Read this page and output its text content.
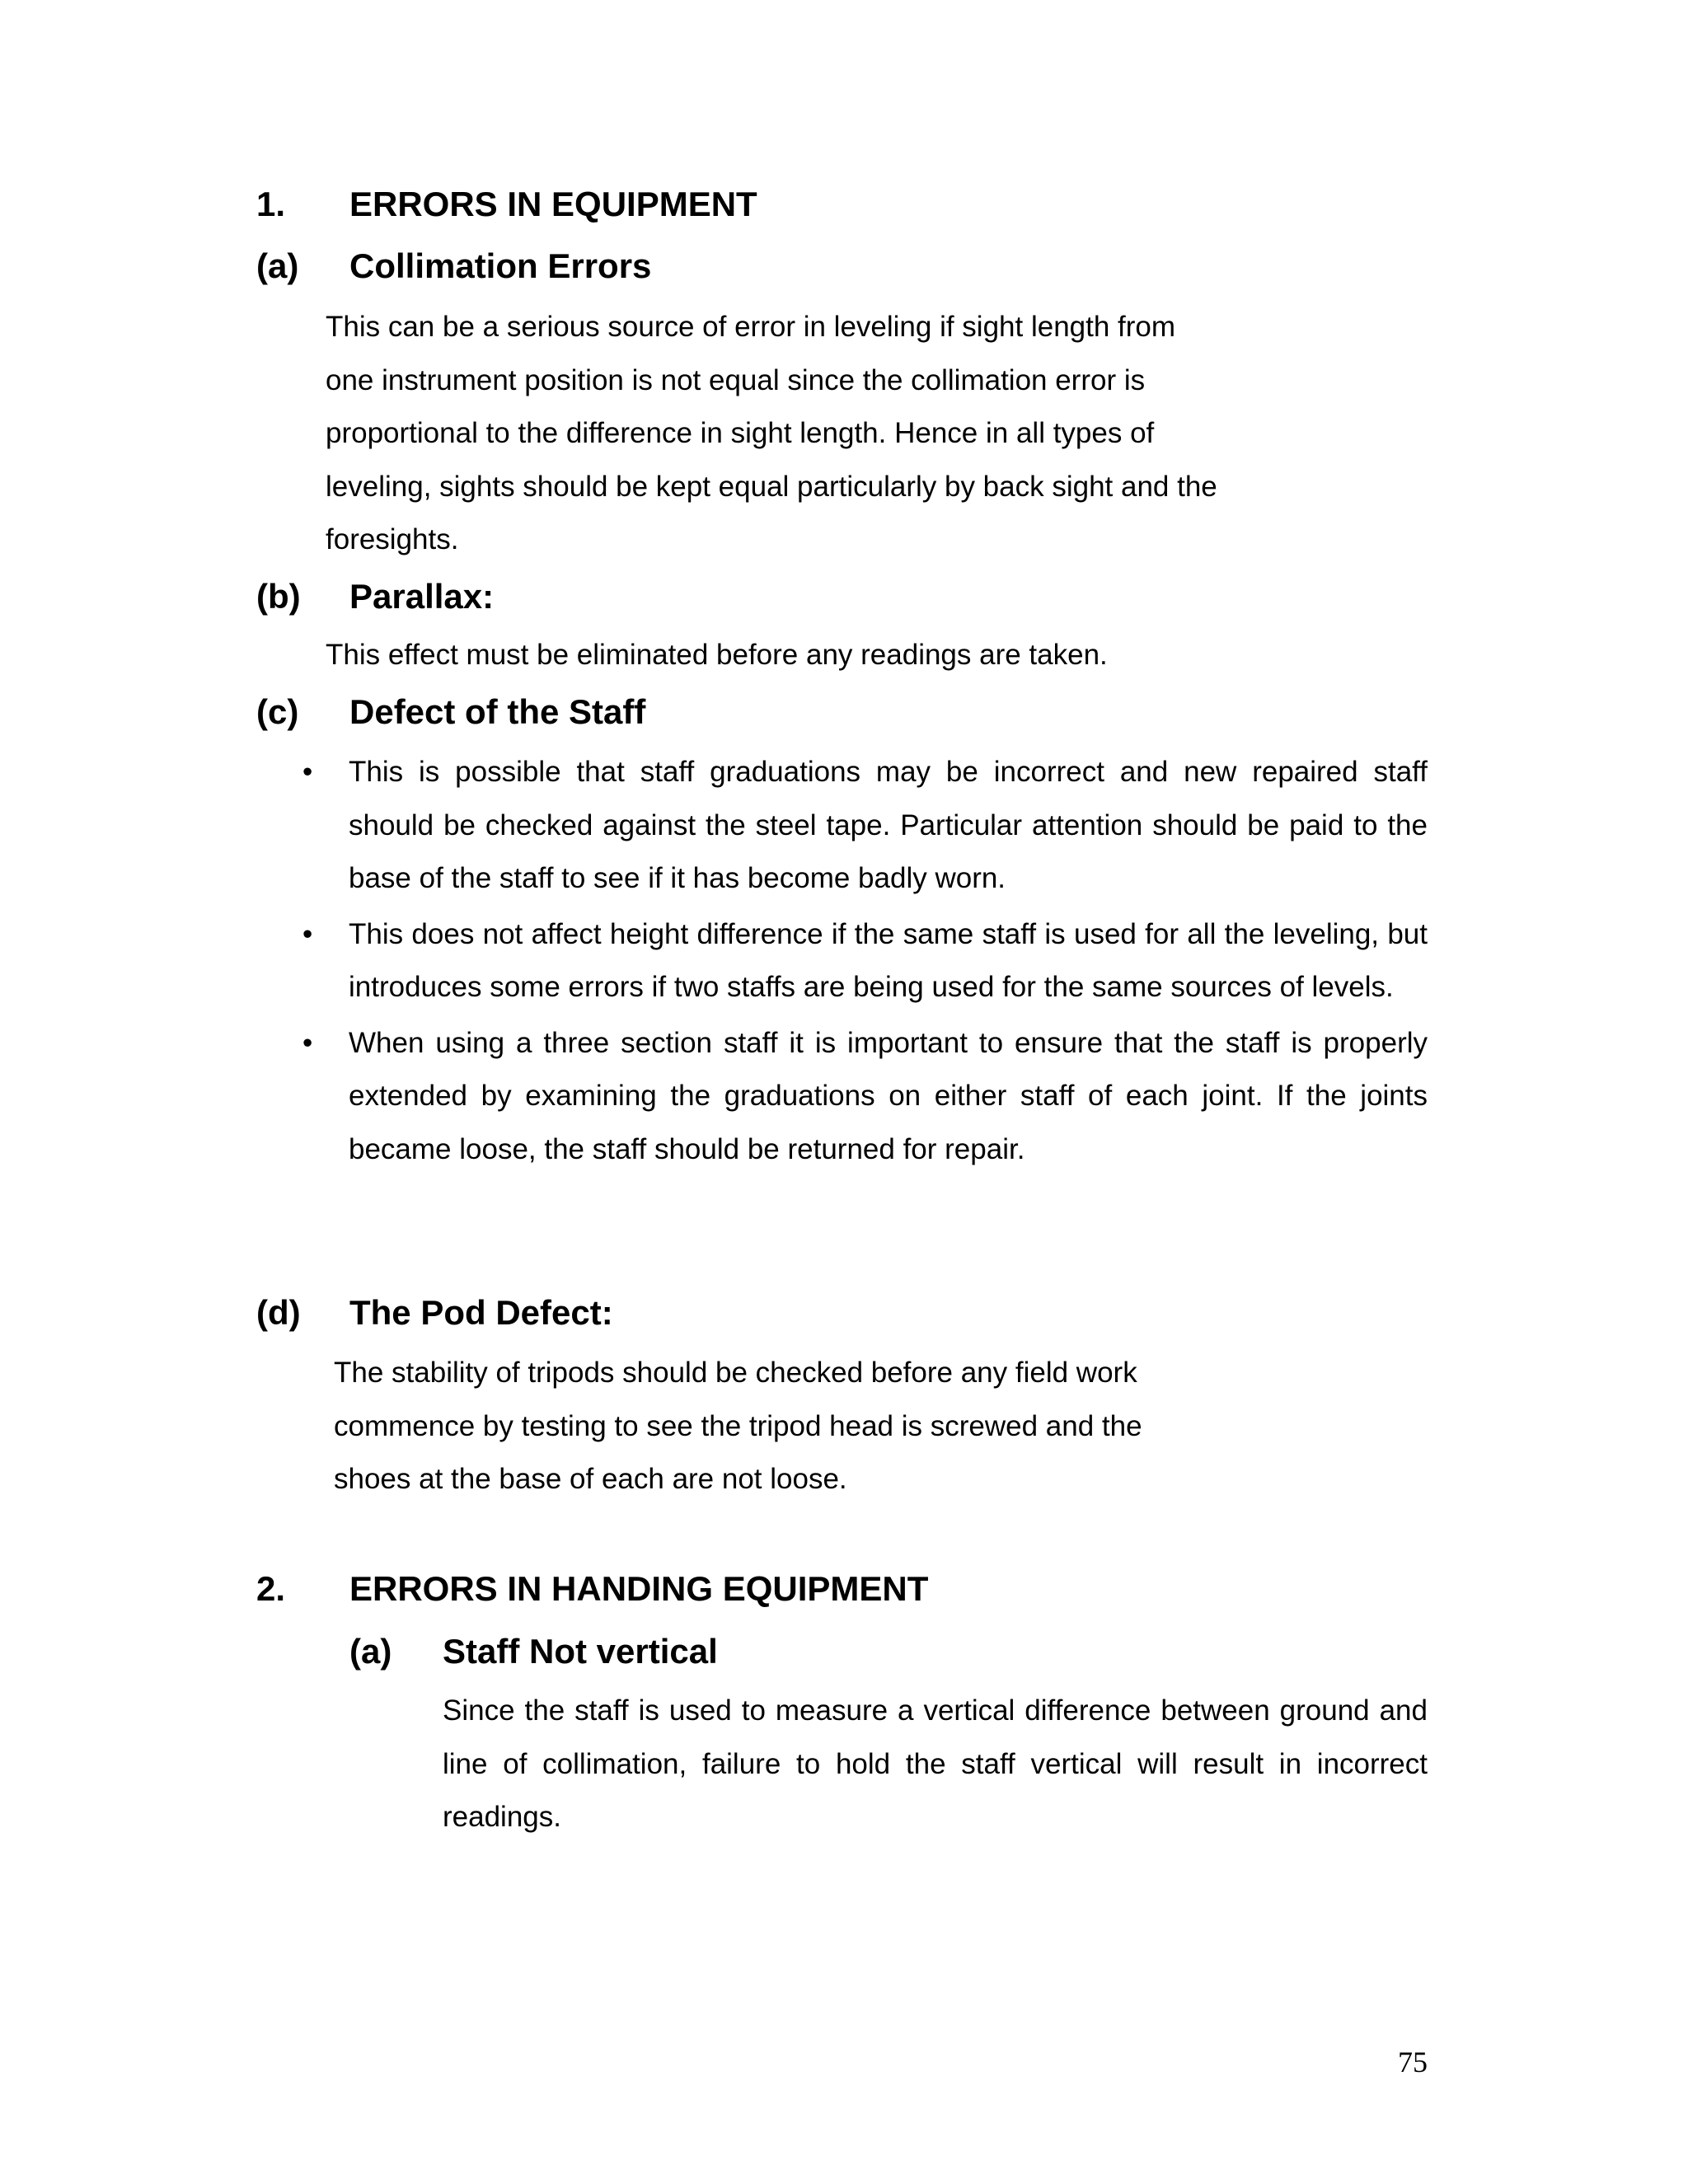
1. ERRORS IN EQUIPMENT
(a) Collimation Errors

This can be a serious source of error in leveling if sight length from
one instrument position is not equal since the collimation error is
proportional to the difference in sight length. Hence in all types of
leveling, sights should be kept equal particularly by back sight and the
foresights.

(b) Parallax:

This effect must be eliminated before any readings are taken.

(c) Defect of the Staff
• This is possible that staff graduations may be incorrect and new repaired staff should be checked against the steel tape. Particular attention should be paid to the base of the staff to see if it has become badly worn.
• This does not affect height difference if the same staff is used for all the leveling, but introduces some errors if two staffs are being used for the same sources of levels.
• When using a three section staff it is important to ensure that the staff is properly extended by examining the graduations on either staff of each joint. If the joints became loose, the staff should be returned for repair.
(d) The Pod Defect:

The stability of tripods should be checked before any field work
commence by testing to see the tripod head is screwed and the
shoes at the base of each are not loose.

2. ERRORS IN HANDING EQUIPMENT
(a) Staff Not vertical

Since the staff is used to measure a vertical difference between ground and line of collimation, failure to hold the staff vertical will result in incorrect readings.

75
